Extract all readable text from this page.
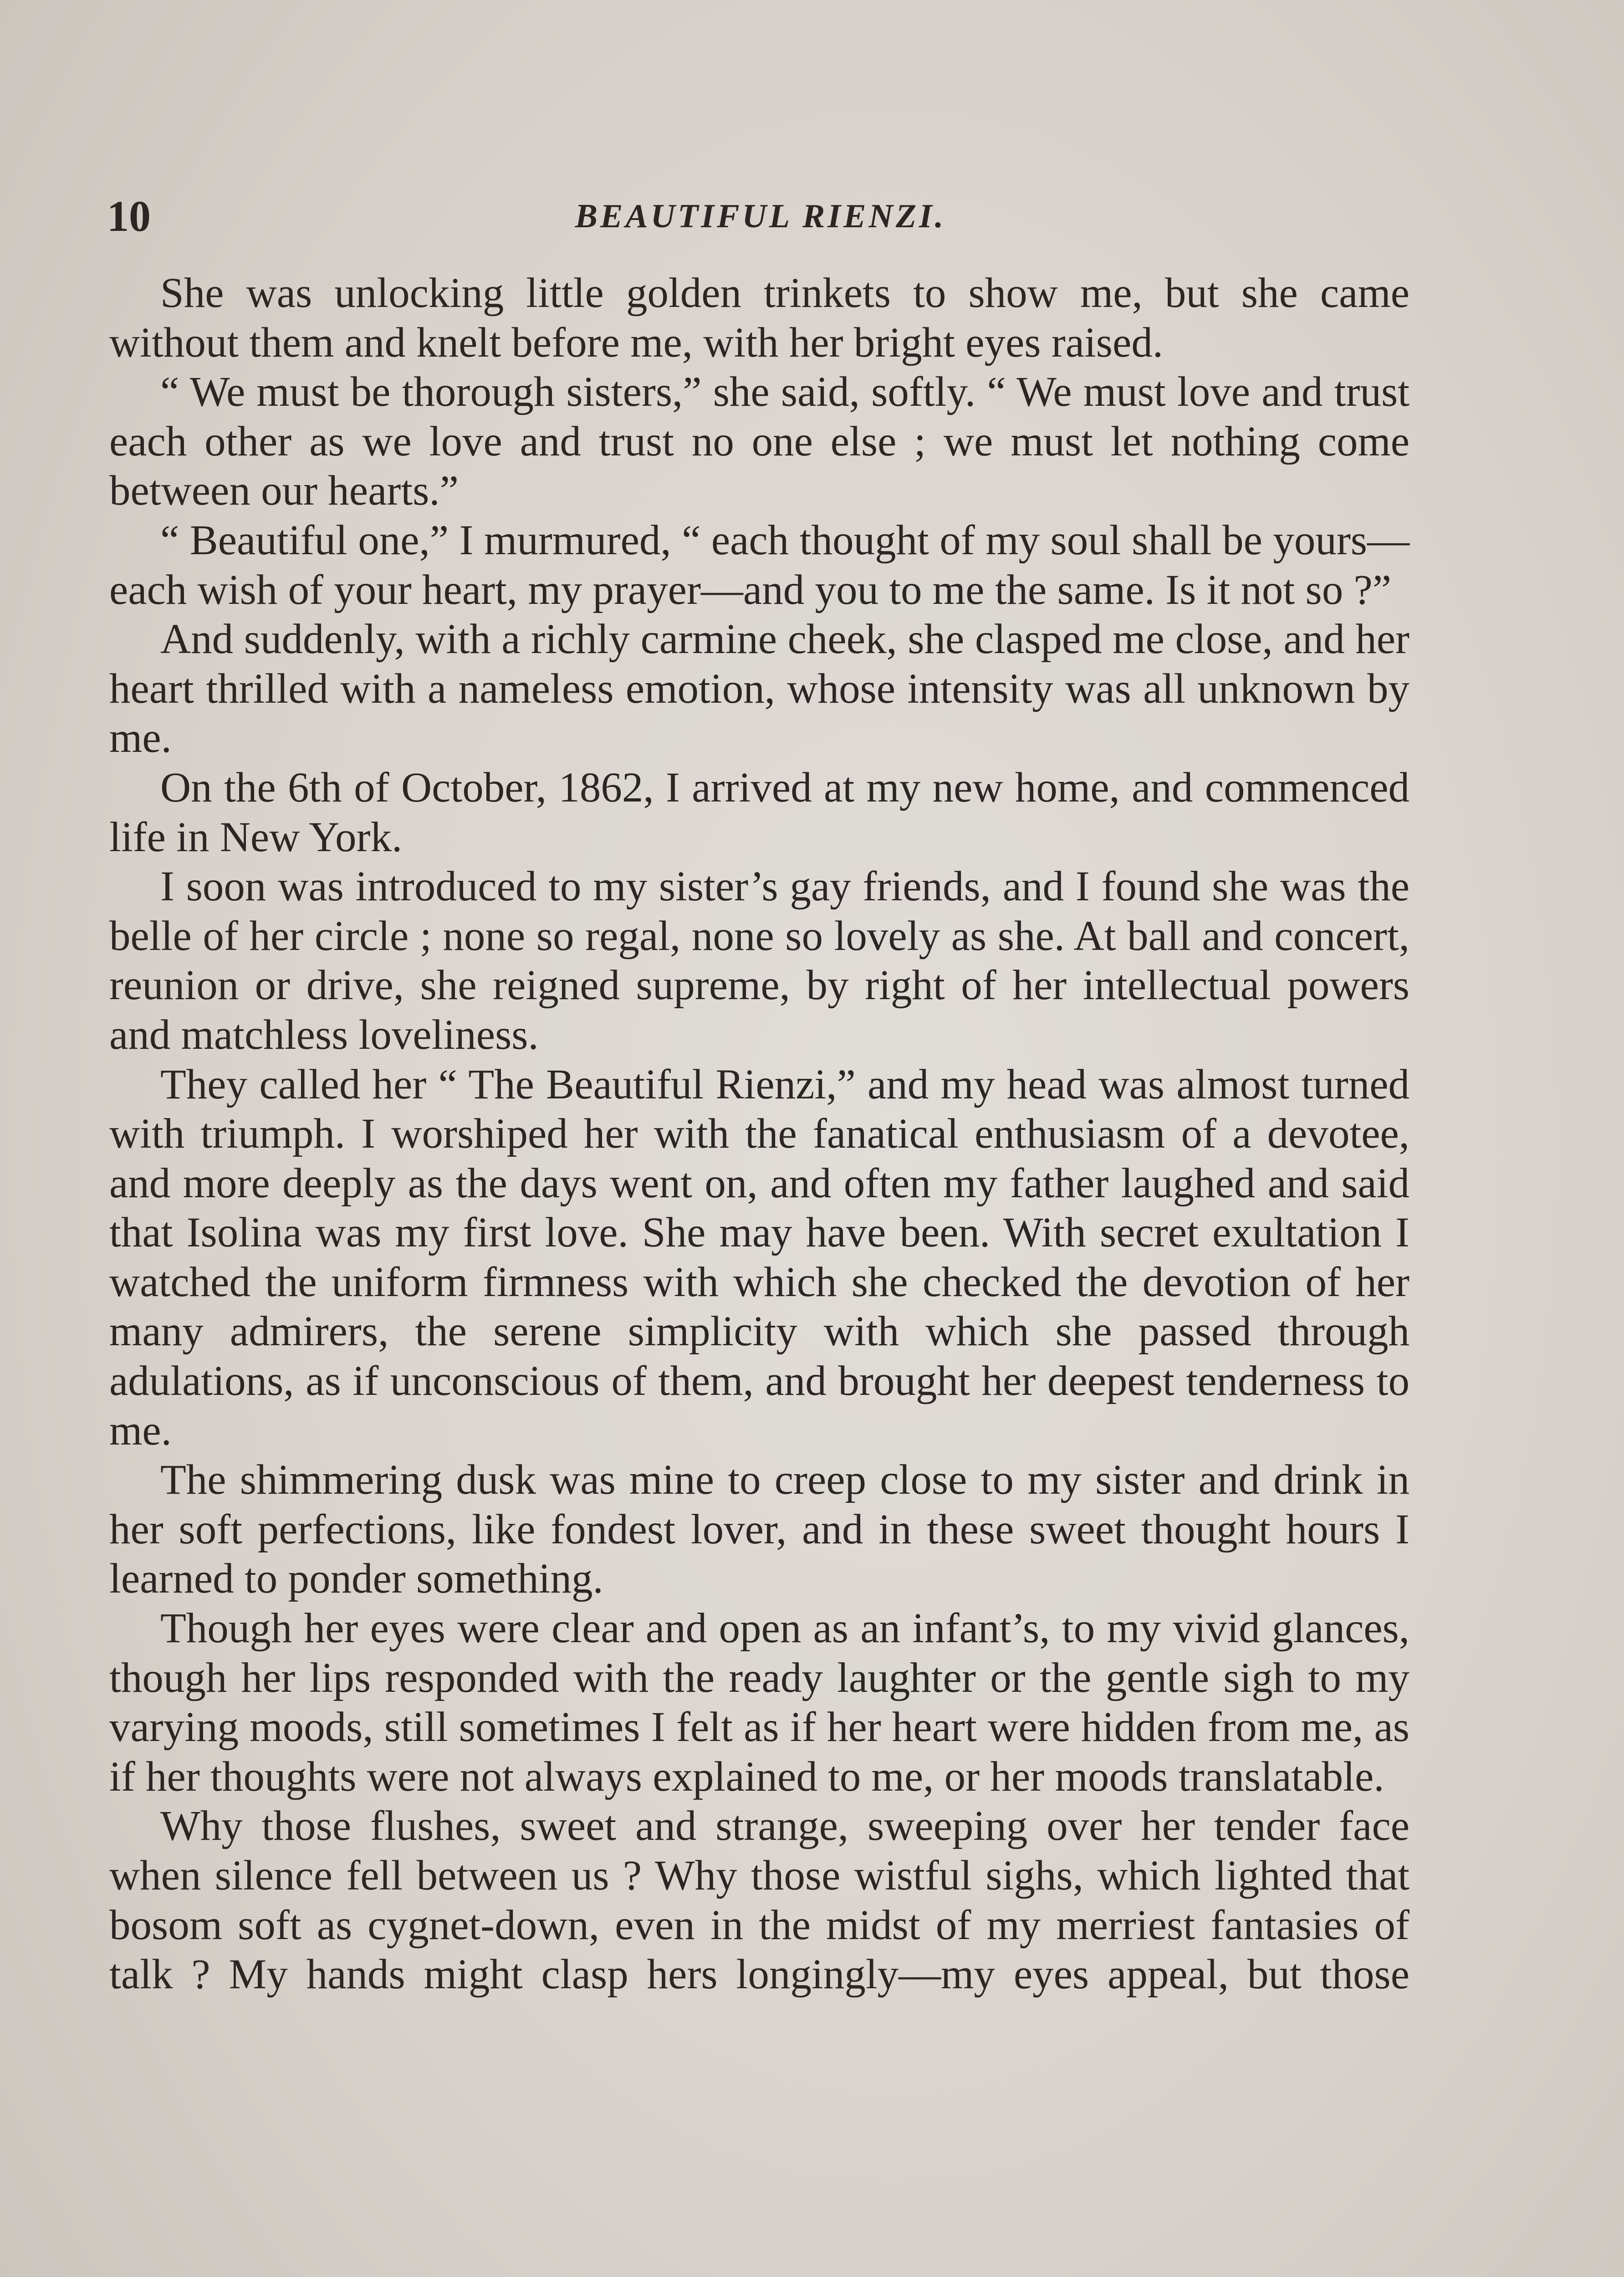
10	BEAUTIFUL RIENZI.

She was unlocking little golden trinkets to show me, but she came without them and knelt before me, with her bright eyes raised.

“ We must be thorough sisters,” she said, softly. “ We must love and trust each other as we love and trust no one else ; we must let nothing come between our hearts.”

“ Beautiful one,” I murmured, “ each thought of my soul shall be yours—each wish of your heart, my prayer—and you to me the same. Is it not so ?”

And suddenly, with a richly carmine cheek, she clasped me close, and her heart thrilled with a nameless emotion, whose intensity was all unknown by me.

On the 6th of October, 1862, I arrived at my new home, and commenced life in New York.

I soon was introduced to my sister’s gay friends, and I found she was the belle of her circle ; none so regal, none so lovely as she. At ball and concert, reunion or drive, she reigned supreme, by right of her intellectual powers and matchless loveliness.

They called her “ The Beautiful Rienzi,” and my head was almost turned with triumph. I worshiped her with the fanatical enthusiasm of a devotee, and more deeply as the days went on, and often my father laughed and said that Isolina was my first love. She may have been. With secret exultation I watched the uniform firmness with which she checked the devotion of her many admirers, the serene simplicity with which she passed through adulations, as if unconscious of them, and brought her deepest tenderness to me.

The shimmering dusk was mine to creep close to my sister and drink in her soft perfections, like fondest lover, and in these sweet thought hours I learned to ponder something.

Though her eyes were clear and open as an infant’s, to my vivid glances, though her lips responded with the ready laughter or the gentle sigh to my varying moods, still sometimes I felt as if her heart were hidden from me, as if her thoughts were not always explained to me, or her moods translatable.

Why those flushes, sweet and strange, sweeping over her tender face when silence fell between us ? Why those wistful sighs, which lighted that bosom soft as cygnet-down, even in the midst of my merriest fantasies of talk ? My hands might clasp hers longingly—my eyes appeal, but those
